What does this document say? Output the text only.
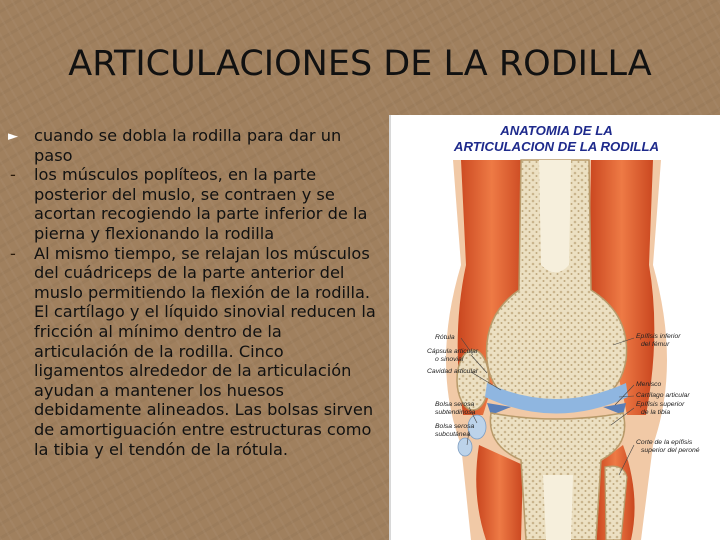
ARTICULACIONES DE LA RODILLA
► cuando se dobla la rodilla para dar un paso
-	los músculos poplíteos, en la parte posterior del muslo, se contraen y se acortan recogiendo la parte inferior de la pierna y flexionando la rodilla
-	Al mismo tiempo, se relajan los músculos del cuádriceps de la parte anterior del muslo permitiendo la flexión de la rodilla. El cartílago y el líquido sinovial reducen la fricción al mínimo dentro de la articulación de la rodilla. Cinco ligamentos alrededor de la articulación ayudan a mantener los huesos debidamente alineados. Las bolsas sirven de amortiguación entre estructuras como la tibia y el tendón de la rótula.
ANATOMIA DE LA
ARTICULACION DE LA RODILLA
Rótula
Cápsula articular
o sinovial
Cavidad articular
Bolsa serosa
subtendinosa
Bolsa serosa
subcutánea
Epífisis inferior
del fémur
Menisco
Cartílago articular
Epífisis superior
de la tibia
Corte de la epífisis
superior del peroné
